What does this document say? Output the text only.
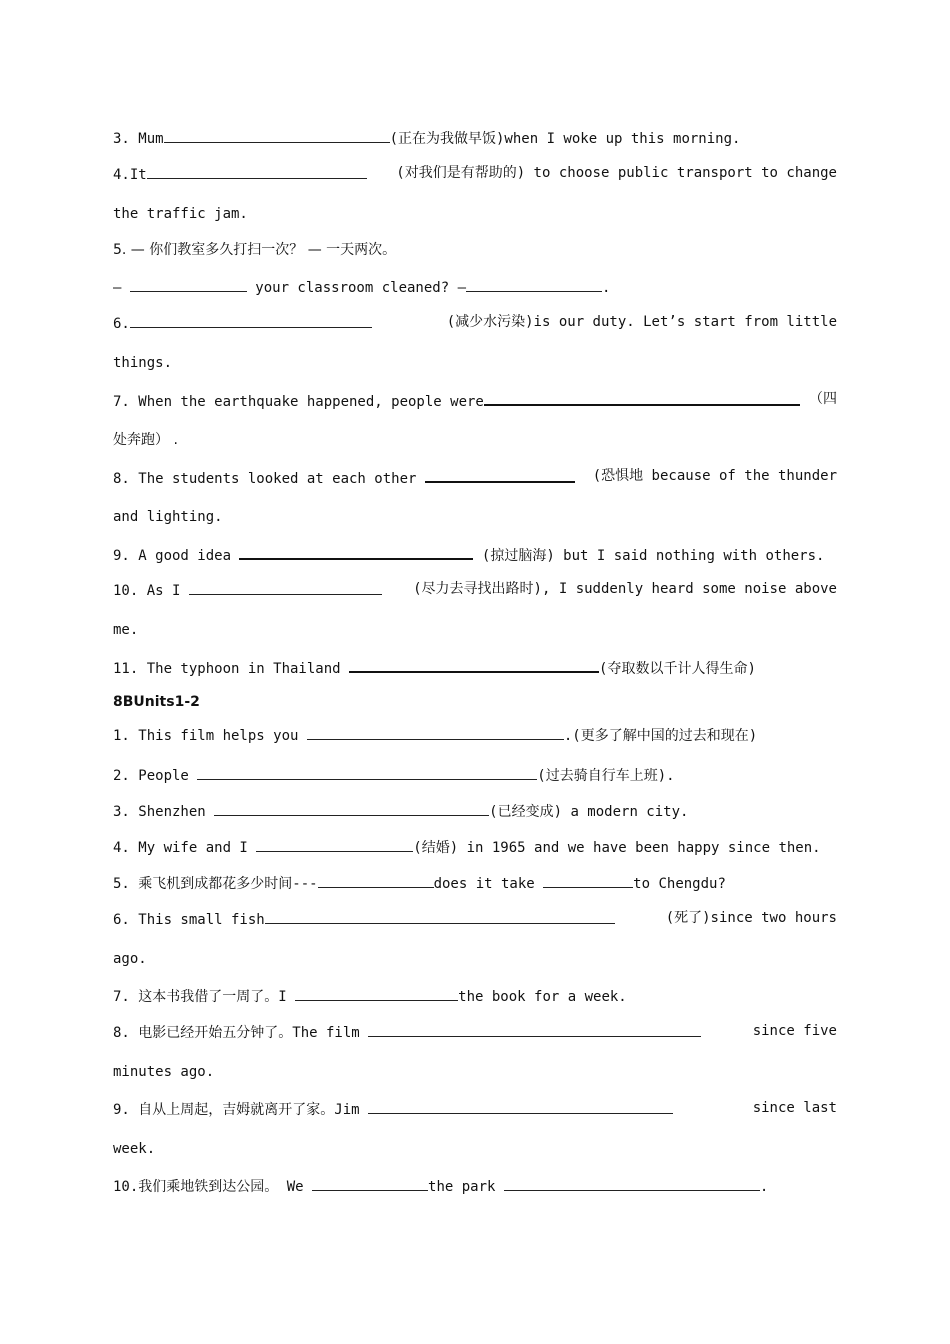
3. Mum	(正在为我做早饭)when I woke up this morning.
4.It	(对我们是有帮助的) to choose public transport to change
the traffic jam.
5. — 你们教室多久打扫一次？ — 一天两次。
—	your classroom cleaned? —	.
6.	(减少水污染)is our duty. Let’s start from little
things.
7. When the earthquake happened, people were	（四
处奔跑） .
8. The students looked at each other	(恐惧地 because of the thunder
and lighting.
9. A good idea	(掠过脑海) but I said nothing with others.
10. As I	(尽力去寻找出路时), I suddenly heard some noise above
me.
11. The typhoon in Thailand	(夺取数以千计人得生命)
8BUnits1-2
1. This film helps you	.(更多了解中国的过去和现在)
2. People	(过去骑自行车上班).
3. Shenzhen	(已经变成) a modern city.
4. My wife and I	(结婚) in 1965 and we have been happy since then.
5. 乘飞机到成都花多少时间---	does it take	to Chengdu?
6. This small fish	(死了)since two hours
ago.
7. 这本书我借了一周了。I	the book for a week.
8. 电影已经开始五分钟了。The film	since five
minutes ago.
9. 自从上周起，吉姆就离开了家。Jim	since last
week.
10.我们乘地铁到达公园。 We	the park	.
